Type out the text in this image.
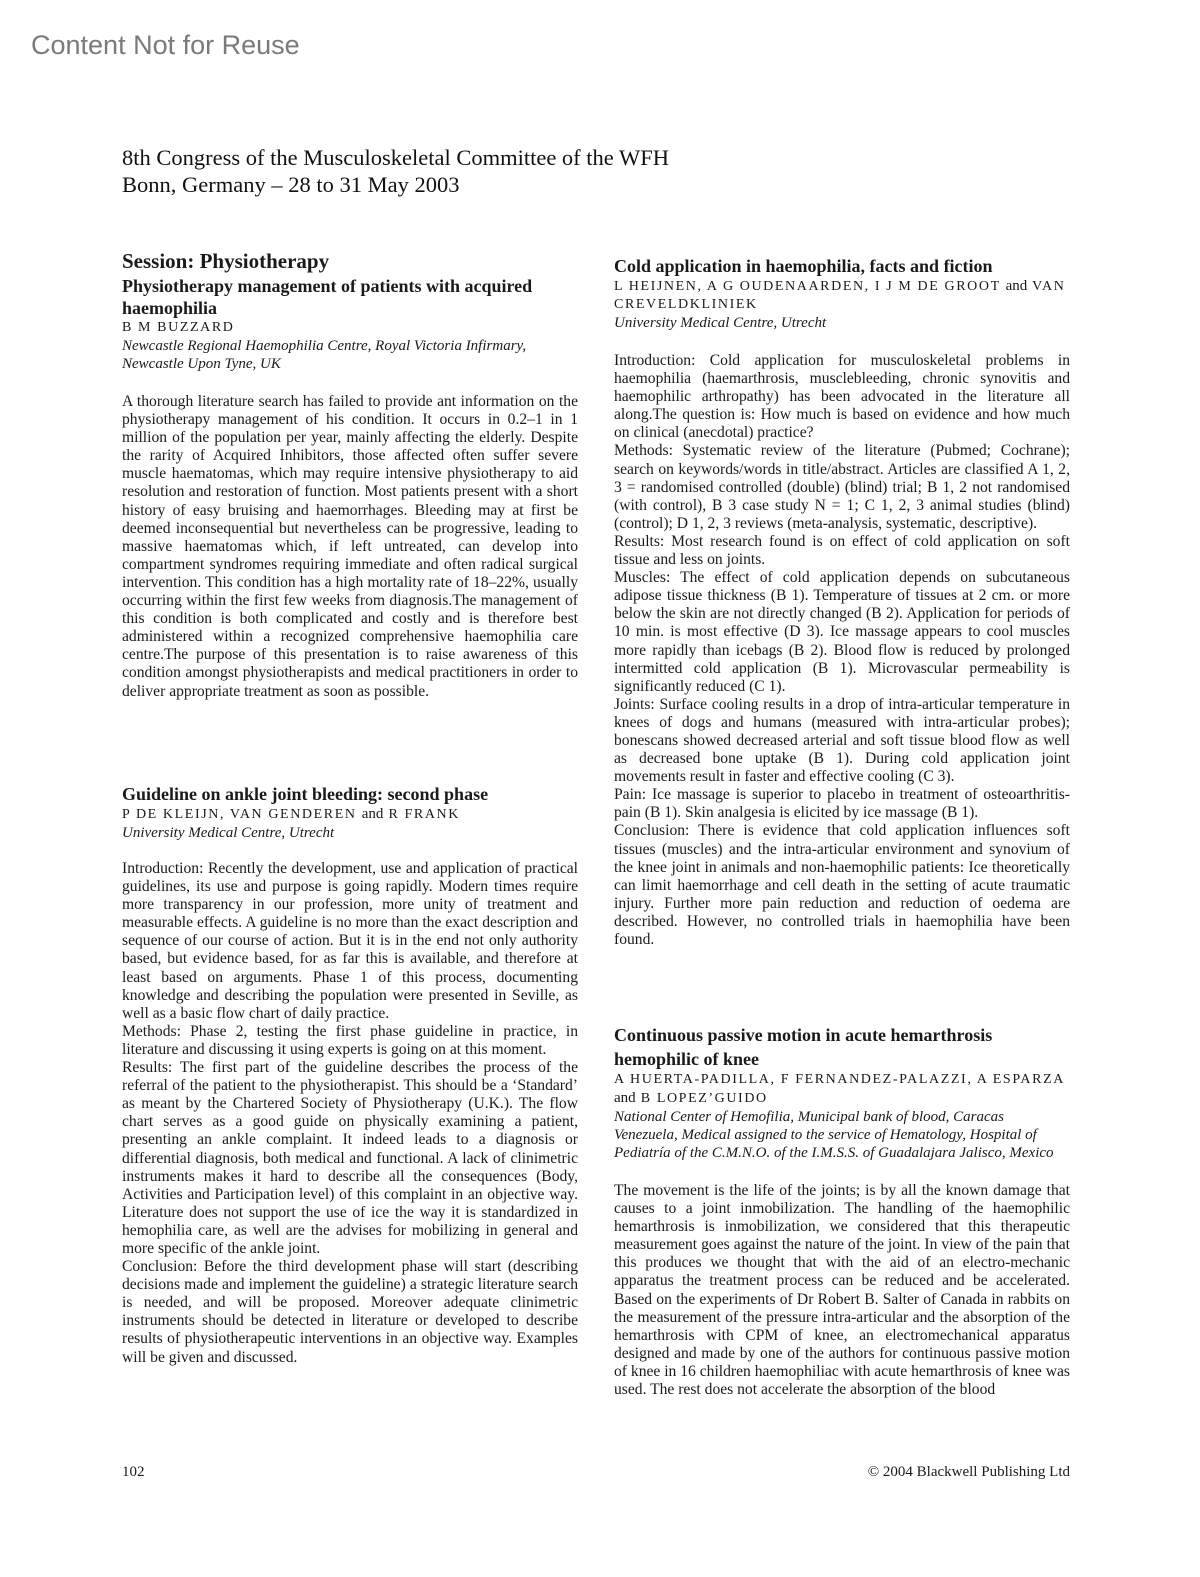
Content Not for Reuse
8th Congress of the Musculoskeletal Committee of the WFH
Bonn, Germany – 28 to 31 May 2003
Session: Physiotherapy
Physiotherapy management of patients with acquired haemophilia
B M BUZZARD
Newcastle Regional Haemophilia Centre, Royal Victoria Infirmary, Newcastle Upon Tyne, UK

A thorough literature search has failed to provide ant information on the physiotherapy management of his condition. It occurs in 0.2–1 in 1 million of the population per year, mainly affecting the elderly. Despite the rarity of Acquired Inhibitors, those affected often suffer severe muscle haematomas, which may require intensive physiotherapy to aid resolution and restoration of function. Most patients present with a short history of easy bruising and haemorrhages. Bleeding may at first be deemed inconsequential but nevertheless can be progressive, leading to massive haematomas which, if left untreated, can develop into compartment syndromes requiring immediate and often radical surgical intervention. This condition has a high mortality rate of 18–22%, usually occurring within the first few weeks from diagnosis.The management of this condition is both complicated and costly and is therefore best administered within a recognized comprehensive haemophilia care centre.The purpose of this presentation is to raise awareness of this condition amongst physiotherapists and medical practitioners in order to deliver appropriate treatment as soon as possible.

Guideline on ankle joint bleeding: second phase
P DE KLEIJN, VAN GENDEREN and R FRANK
University Medical Centre, Utrecht

Introduction: Recently the development, use and application of practical guidelines, its use and purpose is going rapidly. Modern times require more transparency in our profession, more unity of treatment and measurable effects. A guideline is no more than the exact description and sequence of our course of action. But it is in the end not only authority based, but evidence based, for as far this is available, and therefore at least based on arguments. Phase 1 of this process, documenting knowledge and describing the population were presented in Seville, as well as a basic flow chart of daily practice.

Methods: Phase 2, testing the first phase guideline in practice, in literature and discussing it using experts is going on at this moment.

Results: The first part of the guideline describes the process of the referral of the patient to the physiotherapist. This should be a ‘Standard’ as meant by the Chartered Society of Physiotherapy (U.K.). The flow chart serves as a good guide on physically examining a patient, presenting an ankle complaint. It indeed leads to a diagnosis or differential diagnosis, both medical and functional. A lack of clinimetric instruments makes it hard to describe all the consequences (Body, Activities and Participation level) of this complaint in an objective way. Literature does not support the use of ice the way it is standardized in hemophilia care, as well are the advises for mobilizing in general and more specific of the ankle joint.

Conclusion: Before the third development phase will start (describing decisions made and implement the guideline) a strategic literature search is needed, and will be proposed. Moreover adequate clinimetric instruments should be detected in literature or developed to describe results of physiotherapeutic interventions in an objective way. Examples will be given and discussed.

Cold application in haemophilia, facts and fiction
L HEIJNEN, A G OUDENAARDEN, I J M DE GROOT and VAN CREVELDKLINIEK
University Medical Centre, Utrecht

Introduction: Cold application for musculoskeletal problems in haemophilia (haemarthrosis, musclebleeding, chronic synovitis and haemophilic arthropathy) has been advocated in the literature all along.The question is: How much is based on evidence and how much on clinical (anecdotal) practice?

Methods: Systematic review of the literature (Pubmed; Cochrane); search on keywords/words in title/abstract. Articles are classified A 1, 2, 3 = randomised controlled (double) (blind) trial; B 1, 2 not randomised (with control), B 3 case study N = 1; C 1, 2, 3 animal studies (blind) (control); D 1, 2, 3 reviews (meta-analysis, systematic, descriptive).

Results: Most research found is on effect of cold application on soft tissue and less on joints.

Muscles: The effect of cold application depends on subcutaneous adipose tissue thickness (B 1). Temperature of tissues at 2 cm. or more below the skin are not directly changed (B 2). Application for periods of 10 min. is most effective (D 3). Ice massage appears to cool muscles more rapidly than icebags (B 2). Blood flow is reduced by prolonged intermitted cold application (B 1). Microvascular permeability is significantly reduced (C 1).

Joints: Surface cooling results in a drop of intra-articular temperature in knees of dogs and humans (measured with intra-articular probes); bonescans showed decreased arterial and soft tissue blood flow as well as decreased bone uptake (B 1). During cold application joint movements result in faster and effective cooling (C 3).

Pain: Ice massage is superior to placebo in treatment of osteoarthritis-pain (B 1). Skin analgesia is elicited by ice massage (B 1).

Conclusion: There is evidence that cold application influences soft tissues (muscles) and the intra-articular environment and synovium of the knee joint in animals and non-haemophilic patients: Ice theoretically can limit haemorrhage and cell death in the setting of acute traumatic injury. Further more pain reduction and reduction of oedema are described. However, no controlled trials in haemophilia have been found.

Continuous passive motion in acute hemarthrosis hemophilic of knee
A HUERTA-PADILLA, F FERNANDEZ-PALAZZI, A ESPARZA and B LOPEZ’GUIDO
National Center of Hemofilia, Municipal bank of blood, Caracas Venezuela, Medical assigned to the service of Hematology, Hospital of Pediatría of the C.M.N.O. of the I.M.S.S. of Guadalajara Jalisco, Mexico

The movement is the life of the joints; is by all the known damage that causes to a joint inmobilization. The handling of the haemophilic hemarthrosis is inmobilization, we considered that this therapeutic measurement goes against the nature of the joint. In view of the pain that this produces we thought that with the aid of an electro-mechanic apparatus the treatment process can be reduced and be accelerated. Based on the experiments of Dr Robert B. Salter of Canada in rabbits on the measurement of the pressure intra-articular and the absorption of the hemarthrosis with CPM of knee, an electromechanical apparatus designed and made by one of the authors for continuous passive motion of knee in 16 children haemophiliac with acute hemarthrosis of knee was used. The rest does not accelerate the absorption of the blood

102	© 2004 Blackwell Publishing Ltd
